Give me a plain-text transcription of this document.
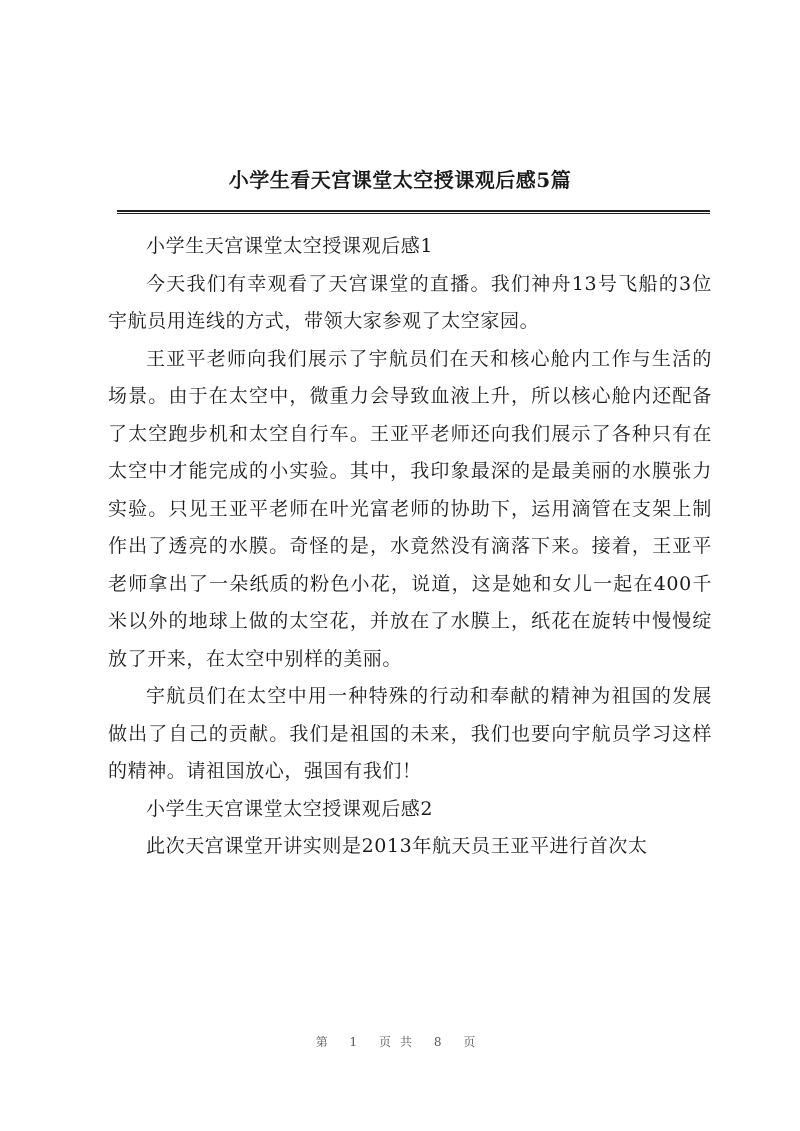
小学生看天宫课堂太空授课观后感5篇

小学生天宫课堂太空授课观后感1

今天我们有幸观看了天宫课堂的直播。我们神舟13号飞船的3位宇航员用连线的方式，带领大家参观了太空家园。

王亚平老师向我们展示了宇航员们在天和核心舱内工作与生活的场景。由于在太空中，微重力会导致血液上升，所以核心舱内还配备了太空跑步机和太空自行车。王亚平老师还向我们展示了各种只有在太空中才能完成的小实验。其中，我印象最深的是最美丽的水膜张力实验。只见王亚平老师在叶光富老师的协助下，运用滴管在支架上制作出了透亮的水膜。奇怪的是，水竟然没有滴落下来。接着，王亚平老师拿出了一朵纸质的粉色小花，说道，这是她和女儿一起在400千米以外的地球上做的太空花，并放在了水膜上，纸花在旋转中慢慢绽放了开来，在太空中别样的美丽。

宇航员们在太空中用一种特殊的行动和奉献的精神为祖国的发展做出了自己的贡献。我们是祖国的未来，我们也要向宇航员学习这样的精神。请祖国放心，强国有我们！

小学生天宫课堂太空授课观后感2

此次天宫课堂开讲实则是2013年航天员王亚平进行首次太

第 1 页共 8 页
